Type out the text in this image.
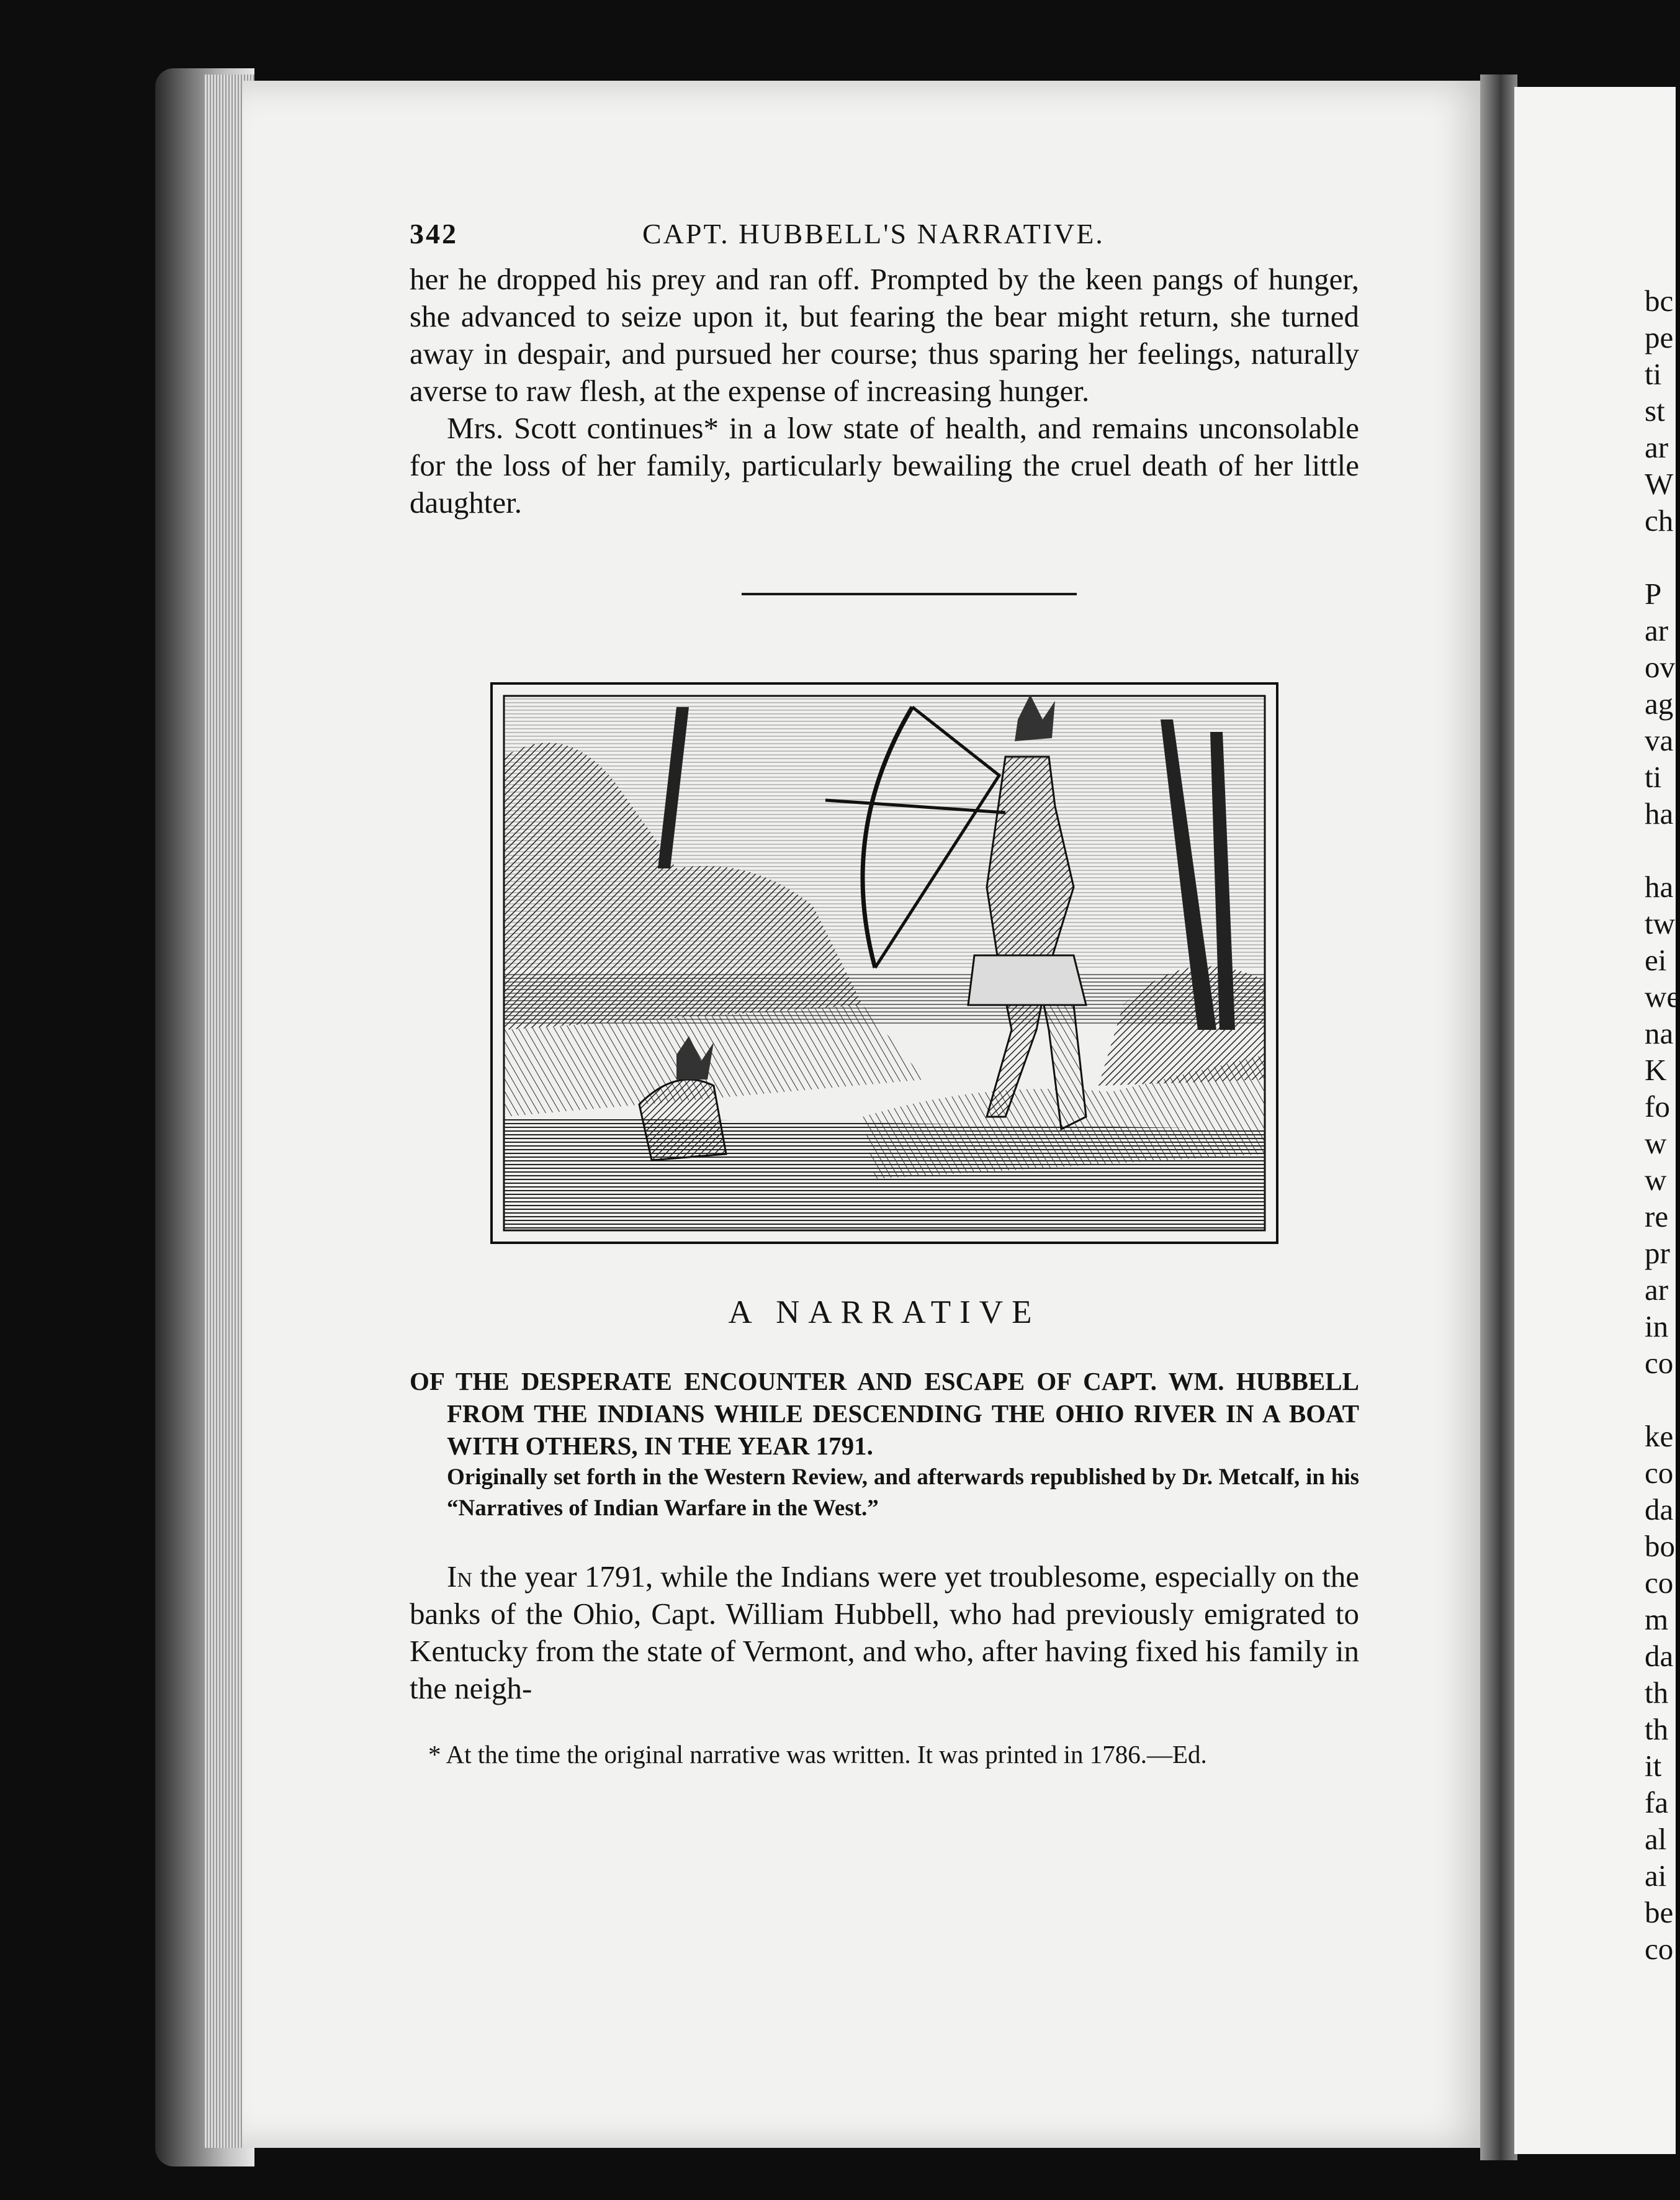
342	CAPT. HUBBELL'S NARRATIVE.

her he dropped his prey and ran off. Prompted by the keen pangs of hunger, she advanced to seize upon it, but fearing the bear might return, she turned away in despair, and pursued her course; thus sparing her feelings, naturally averse to raw flesh, at the expense of increasing hunger.

Mrs. Scott continues* in a low state of health, and remains unconsolable for the loss of her family, particularly bewailing the cruel death of her little daughter.

A NARRATIVE
OF THE DESPERATE ENCOUNTER AND ESCAPE OF CAPT. WM. HUBBELL FROM THE INDIANS WHILE DESCENDING THE OHIO RIVER IN A BOAT WITH OTHERS, IN THE YEAR 1791.
Originally set forth in the Western Review, and afterwards republished by Dr. Metcalf, in his “Narratives of Indian Warfare in the West.”

In the year 1791, while the Indians were yet troublesome, especially on the banks of the Ohio, Capt. William Hubbell, who had previously emigrated to Kentucky from the state of Vermont, and who, after having fixed his family in the neigh-

* At the time the original narrative was written. It was printed in 1786.—Ed.
bc
pe
ti
st
ar
W
ch

P
ar
ov
ag
va
ti
ha

ha
tw
ei
we
na
K
fo
w
w
re
pr
ar
in
co

ke
co
da
bo
co
m
da
th
th
it
fa
al
ai
be
co
